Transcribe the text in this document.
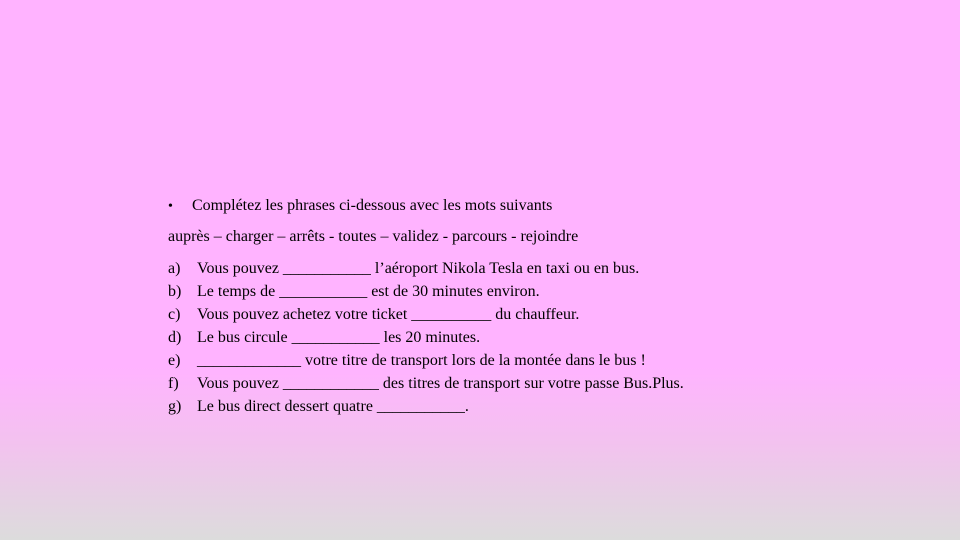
•	Complétez les phrases ci-dessous avec les mots suivants
auprès – charger – arrêts - toutes – validez - parcours - rejoindre
a)	Vous pouvez ___________ l’aéroport Nikola Tesla en taxi ou en bus.
b) Le temps de ___________ est de 30 minutes environ.
c)	Vous pouvez achetez votre ticket __________ du chauffeur.
d) Le bus circule ___________ les 20 minutes.
e)	_____________ votre titre de transport lors de la montée dans le bus !
f)	Vous pouvez ____________ des titres de transport sur votre passe Bus.Plus.
g) Le bus direct dessert quatre ___________.
